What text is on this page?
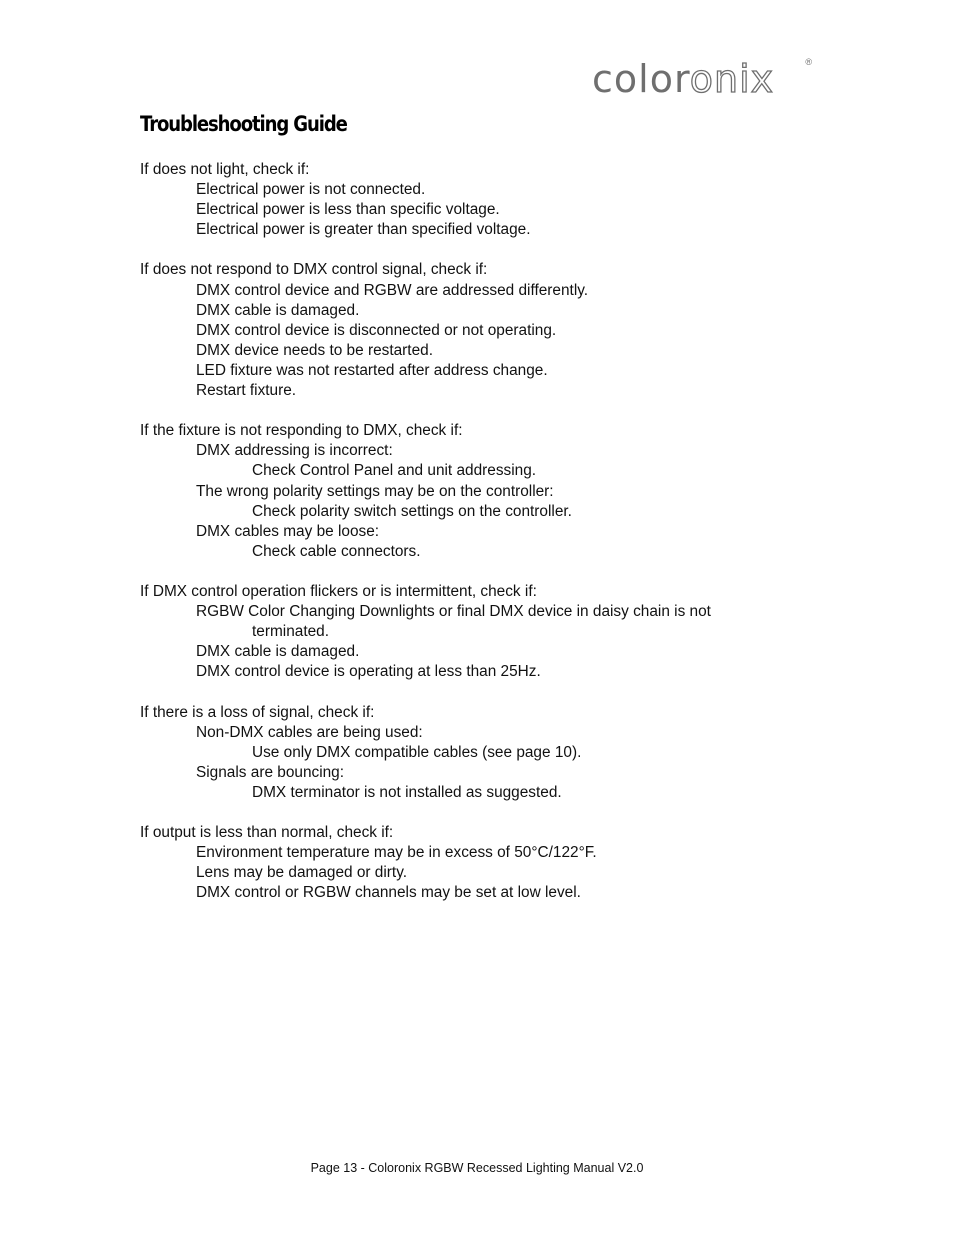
coloronix	®
Troubleshooting Guide
If does not light, check if:
Electrical power is not connected.
Electrical power is less than specific voltage.
Electrical power is greater than specified voltage.
If does not respond to DMX control signal, check if:
DMX control device and RGBW are addressed differently.
DMX cable is damaged.
DMX control device is disconnected or not operating.
DMX device needs to be restarted.
LED fixture was not restarted after address change.
Restart fixture.
If the fixture is not responding to DMX, check if:
DMX addressing is incorrect:
Check Control Panel and unit addressing.
The wrong polarity settings may be on the controller:
Check polarity switch settings on the controller.
DMX cables may be loose:
Check cable connectors.
If DMX control operation flickers or is intermittent, check if:
RGBW Color Changing Downlights or final DMX device in daisy chain is not
terminated.
DMX cable is damaged.
DMX control device is operating at less than 25Hz.
If there is a loss of signal, check if:
Non-DMX cables are being used:
Use only DMX compatible cables (see page 10).
Signals are bouncing:
DMX terminator is not installed as suggested.
If output is less than normal, check if:
Environment temperature may be in excess of 50°C/122°F.
Lens may be damaged or dirty.
DMX control or RGBW channels may be set at low level.
Page 13 - Coloronix RGBW Recessed Lighting Manual V2.0
